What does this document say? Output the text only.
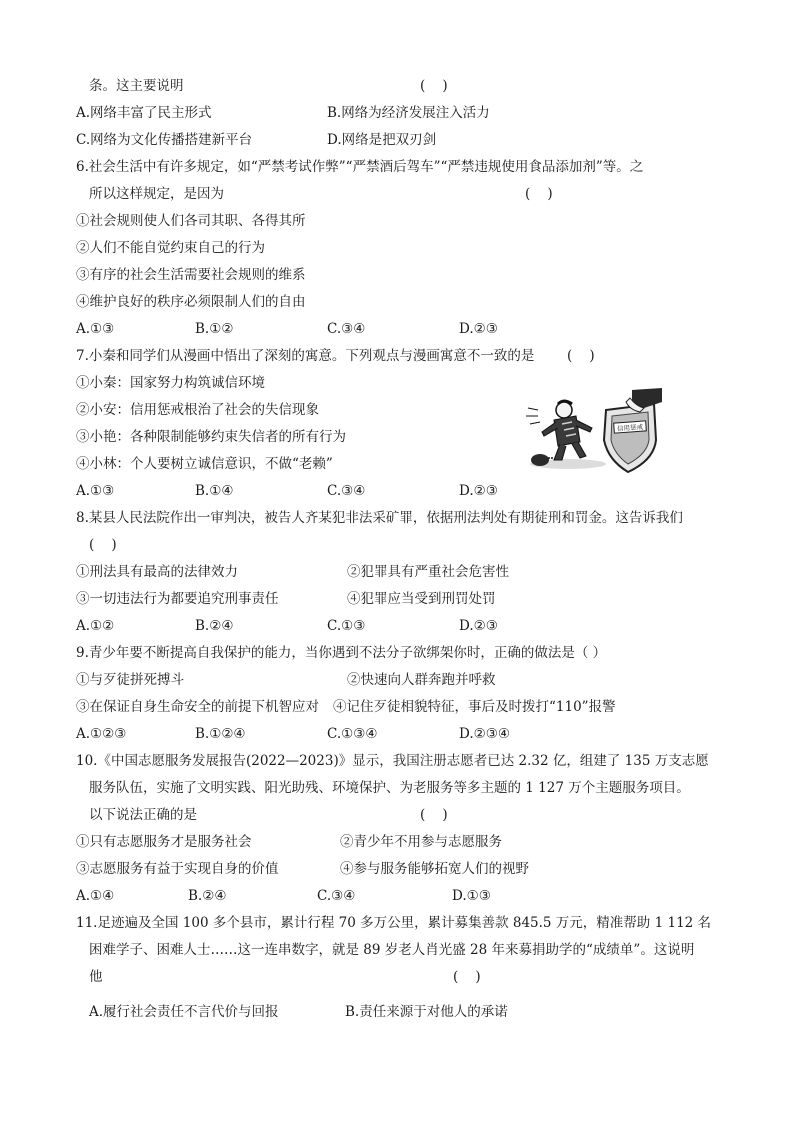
条。这主要说明	(    )
A.网络丰富了民主形式	B.网络为经济发展注入活力
C.网络为文化传播搭建新平台	D.网络是把双刃剑
6.社会生活中有许多规定，如“严禁考试作弊”“严禁酒后驾车”“严禁违规使用食品添加剂”等。之
所以这样规定，是因为	(    )
①社会规则使人们各司其职、各得其所
②人们不能自觉约束自己的行为
③有序的社会生活需要社会规则的维系
④维护良好的秩序必须限制人们的自由
A.①③	B.①②	C.③④	D.②③
7.小秦和同学们从漫画中悟出了深刻的寓意。下列观点与漫画寓意不一致的是 (    )
①小秦：国家努力构筑诚信环境
②小安：信用惩戒根治了社会的失信现象
③小艳：各种限制能够约束失信者的所有行为
④小林：个人要树立诚信意识，不做“老赖”
A.①③	B.①④	C.③④	D.②③
信用惩戒
8.某县人民法院作出一审判决，被告人齐某犯非法采矿罪，依据刑法判处有期徒刑和罚金。这告诉我们
(    )
①刑法具有最高的法律效力	②犯罪具有严重社会危害性
③一切违法行为都要追究刑事责任	④犯罪应当受到刑罚处罚
A.①②	B.②④	C.①③	D.②③
9.青少年要不断提高自我保护的能力，当你遇到不法分子欲绑架你时，正确的做法是（ ）
①与歹徒拼死搏斗	②快速向人群奔跑并呼救
③在保证自身生命安全的前提下机智应对 ④记住歹徒相貌特征，事后及时拨打“110”报警
A.①②③	B.①②④	C.①③④	D.②③④
10.《中国志愿服务发展报告(2022—2023)》显示，我国注册志愿者已达 2.32 亿，组建了 135 万支志愿
服务队伍，实施了文明实践、阳光助残、环境保护、为老服务等多主题的 1 127 万个主题服务项目。
以下说法正确的是	(    )
①只有志愿服务才是服务社会	②青少年不用参与志愿服务
③志愿服务有益于实现自身的价值	④参与服务能够拓宽人们的视野
A.①④	B.②④	C.③④	D.①③
11.足迹遍及全国 100 多个县市，累计行程 70 多万公里，累计募集善款 845.5 万元，精准帮助 1 112 名
困难学子、困难人士……这一连串数字，就是 89 岁老人肖光盛 28 年来募捐助学的“成绩单”。这说明
他	(    )
A.履行社会责任不言代价与回报	B.责任来源于对他人的承诺
